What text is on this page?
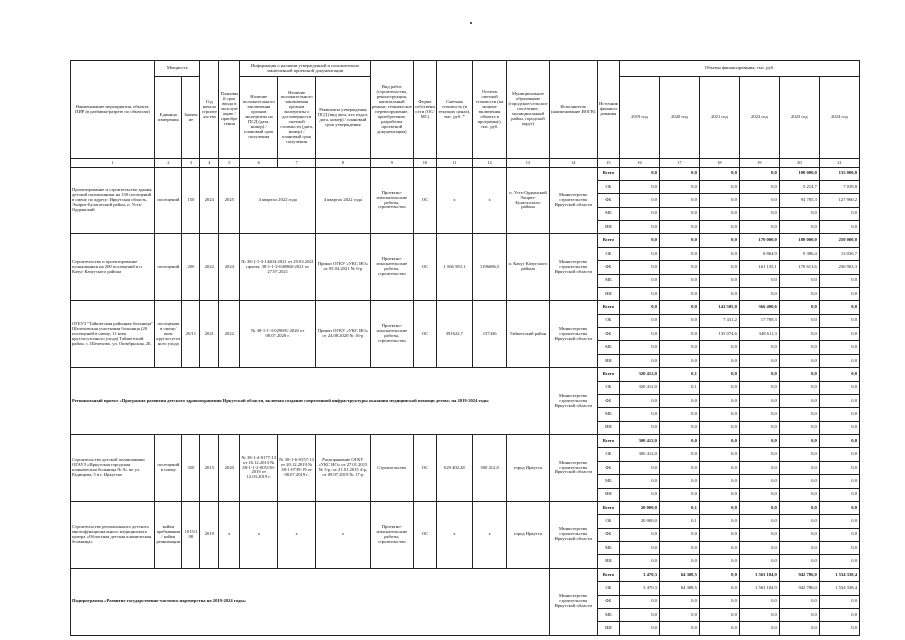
Наименование мероприятия, объекта, ПИР (в разбивке/разрезе по объектам)	Мощность		Год начала строительства	Плановый срок ввода в эксплуатацию / приобретения	Информация о наличии утвержденной и положительно заключенной проектной документации			Вид работ (строительство, реконструкция, капитальный ремонт, техническое перевооружение, приобретение, разработка проектной документации)	Форма собственности (ОС/МС)	Сметная стоимость (в текущих ценах), тыс. руб. *	Остаток сметной стоимости (на момент включения объекта в программу), тыс. руб.	Муниципальное образование (городское/сельское поселение, муниципальный район, городской округ)	Исполнитель (наименование ИОГВ)	Источник финансирования	Объемы финансирования, тыс. руб.					
	Единица измерения	Значение			Наличие положительного заключения органов экспертизы на ПСД (дата, номер) / плановый срок получения	Наличие положительного заключения органов экспертизы о достоверности сметной стоимости (дата, номер) / плановый срок получения	Реквизиты утверждения ПСД (вид акта, кто издал, дата, номер) / плановый срок утверждения								2019 год	2020 год	2021 год	2022 год	2023 год	2024 год
1	2	3	4	5	6	7	8	9	10	11	12	13	14	15	16	17	18	19	20	21
Проектирование и строительство здания детской поликлиники на 150 посещений в смену по адресу: Иркутская область, Эхирит-Булагатский район, п. Усть-Ордынский	посещений	150	2023	2025	4 квартал 2022 года		4 квартал 2022 года	Проектно-изыскательские работы, строительство	ОС	х	х	п. Усть-Ордынский Эхирит-Булагатского района	Министерство строительства Иркутской области	Всего	0,0	0,0	0,0	0,0	100 000,0	135 000,0
														ОБ	0,0	0,0	0,0	0,0	5 214,7	7 039,8
														ФБ	0,0	0,0	0,0	0,0	94 785,3	127 960,2
														МБ	0,0	0,0	0,0	0,0	0,0	0,0
														ИИ	0,0	0,0	0,0	0,0	0,0	0,0
Строительство и проектирование поликлиники на 200 посещений в п. Качуг Качугского района	посещений	200	2022	2024	№ 38-1-1-3-14204-2021 от 29.03.2021 проект, 38-1-1-2-040860-2021 от 27.07.2021		Приказ ОГКУ «УКС ИО» от 05.04.2021 № 6-р	Проектно-изыскательские работы, строительство	ОС	1 566 583,1	1196686,5	п. Качуг Качугского района	Министерство строительства Иркутской области	Всего	0,0	0,0	0,0	170 000,0	180 000,0	250 000,0
														ОБ	0,0	0,0	0,0	8 864,9	9 386,4	13 036,7
														ФБ	0,0	0,0	0,0	161 135,1	170 613,6	236 963,3
														МБ	0,0	0,0	0,0	0,0	0,0	0,0
														ИИ	0,0	0,0	0,0	0,0	0,0	0,0
ОГБУЗ "Тайшетская районная больница" Шелеховская участковая больница (20 посещений в смену, 11 коек круглосуточного ухода) Тайшетский район, с. Шелехово, ул. Октябрьская, 2Б	посещения в смену/коек круглосуточного ухода	20/11	2021	2022	№ 38-1-1-3-029691-2020 от 08.07.2020 г.		Приказ ОГКУ «УКС ИО» от 24.08.2020 № 16-р	Проектно-изыскательские работы, строительство	ОС	391622,7	157436	Тайшетский район	Министерство строительства Иркутской области	Всего	0,0	0,0	142 505,8	366 400,6	0,0	0,0
														ОБ	0,0	0,0	7 431,2	17 789,3	0,0	0,0
														ФБ	0,0	0,0	135 074,6	348 611,3	0,0	0,0
														МБ	0,0	0,0	0,0	0,0	0,0	0,0
														ИИ	0,0	0,0	0,0	0,0	0,0	0,0
Региональный проект «Программа развития детского здравоохранения Иркутской области, включая создание современной инфраструктуры оказания медицинской помощи детям» на 2019-2024 годы													Министерство строительства Иркутской области	Всего	320 412,0	0,1	0,0	0,0	0,0	0,0
														ОБ	320 412,0	0,1	0,0	0,0	0,0	0,0
														ФБ	0,0	0,0	0,0	0,0	0,0	0,0
														МБ	0,0	0,0	0,0	0,0	0,0	0,0
														ИИ	0,0	0,0	0,0	0,0	0,0	0,0
Строительство детской поликлиники ОГАУЗ «Иркутская городская клиническая больница № 9» по ул. Радищева, 5 в г. Иркутске	посещений в смену	350	2015	2020	№ 38-1-4-0177-13 от 16.12.2013 № 38-1-1-2-005156-2019 от 12.03.2019 г.	№ 38-1-6-0157-13 от 20.12.2019 № 38-1-0739-19 от 08.07.2019 г.	Распоряжение ОГКУ «УКС ИО» от 27.01.2015 № 3-р, от 21.01.2015 4-р, от 09.07.2019 № 17-р	Строительство	ОС	629 402,28	300 412,0	город Иркутск	Министерство строительства Иркутской области	Всего	300 412,0	0,0	0,0	0,0	0,0	0,0
														ОБ	300 412,0	0,0	0,0	0,0	0,0	0,0
														ФБ	0,0	0,0	0,0	0,0	0,0	0,0
														МБ	0,0	0,0	0,0	0,0	0,0	0,0
														ИИ	0,0	0,0	0,0	0,0	0,0	0,0
Строительство регионального детского многофункционального медицинского центра «Областная детская клиническая больница»	койки пребывания / койки реанимации	1015/108	2019	х	х	х	х	Проектно-изыскательские работы, строительство	ОС	х	х	город Иркутск	Министерство строительства Иркутской области	Всего	20 000,0	0,1	0,0	0,0	0,0	0,0
														ОБ	20 000,0	0,1	0,0	0,0	0,0	0,0
														ФБ	0,0	0,0	0,0	0,0	0,0	0,0
														МБ	0,0	0,0	0,0	0,0	0,0	0,0
														ИИ	0,0	0,0	0,0	0,0	0,0	0,0
Подпрограмма «Развитие государственно-частного партнерства на 2019-2024 годы»													Министерство строительства Иркутской области	Всего	3 470,3	64 308,5	0,0	1 563 104,9	942 786,0	1 534 338,4
														ОБ	3 470,3	64 308,5	0,0	1 563 104,9	942 786,0	1 534 338,4
														ФБ	0,0	0,0	0,0	0,0	0,0	0,0
														МБ	0,0	0,0	0,0	0,0	0,0	0,0
														ИИ	0,0	0,0	0,0	0,0	0,0	0,0
